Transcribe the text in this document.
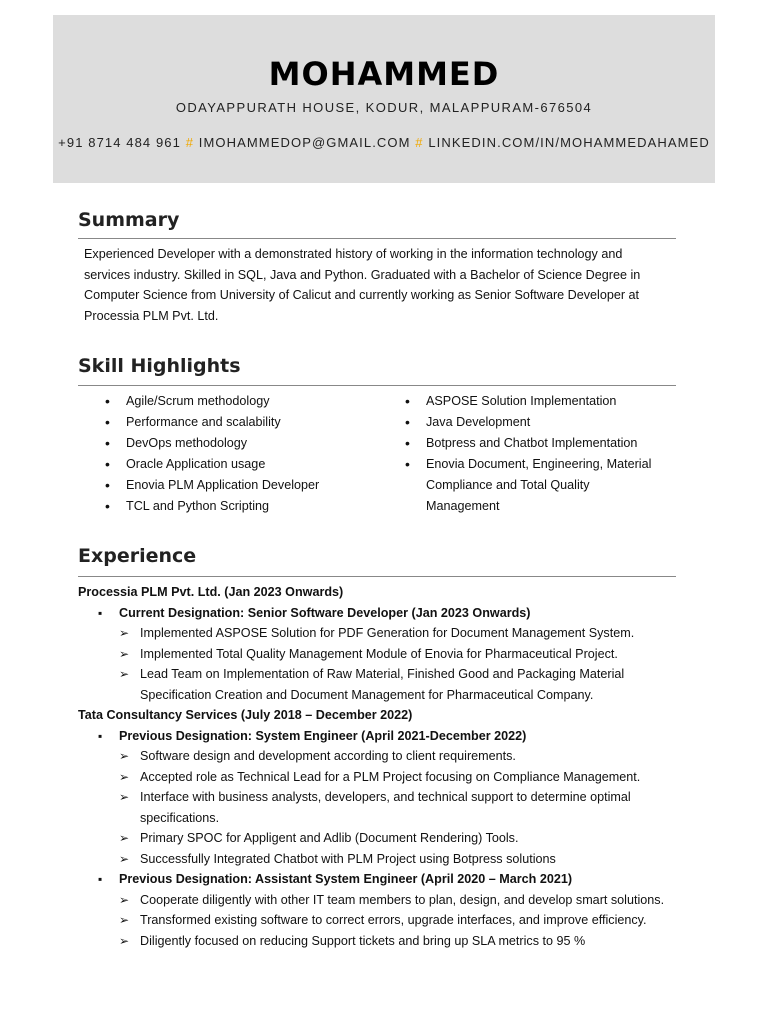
MOHAMMED
ODAYAPPURATH HOUSE, KODUR, MALAPPURAM-676504
+91 8714 484 961 # IMOHAMMEDOP@GMAIL.COM # LINKEDIN.COM/IN/MOHAMMEDAHAMED
Summary
Experienced Developer with a demonstrated history of working in the information technology and services industry. Skilled in SQL, Java and Python. Graduated with a Bachelor of Science Degree in Computer Science from University of Calicut and currently working as Senior Software Developer at Processia PLM Pvt. Ltd.
Skill Highlights
• Agile/Scrum methodology
• Performance and scalability
• DevOps methodology
• Oracle Application usage
• Enovia PLM Application Developer
• TCL and Python Scripting
• ASPOSE Solution Implementation
• Java Development
• Botpress and Chatbot Implementation
• Enovia Document, Engineering, Material
Compliance and Total Quality
Management
Experience
Processia PLM Pvt. Ltd. (Jan 2023 Onwards)
▪ Current Designation: Senior Software Developer (Jan 2023 Onwards)
➢ Implemented ASPOSE Solution for PDF Generation for Document Management System.
➢ Implemented Total Quality Management Module of Enovia for Pharmaceutical Project.
➢ Lead Team on Implementation of Raw Material, Finished Good and Packaging Material Specification Creation and Document Management for Pharmaceutical Company.
Tata Consultancy Services (July 2018 – December 2022)
▪ Previous Designation: System Engineer (April 2021-December 2022)
➢ Software design and development according to client requirements.
➢ Accepted role as Technical Lead for a PLM Project focusing on Compliance Management.
➢ Interface with business analysts, developers, and technical support to determine optimal specifications.
➢ Primary SPOC for Appligent and Adlib (Document Rendering) Tools.
➢ Successfully Integrated Chatbot with PLM Project using Botpress solutions
▪ Previous Designation: Assistant System Engineer (April 2020 – March 2021)
➢ Cooperate diligently with other IT team members to plan, design, and develop smart solutions.
➢ Transformed existing software to correct errors, upgrade interfaces, and improve efficiency.
➢ Diligently focused on reducing Support tickets and bring up SLA metrics to 95 %
